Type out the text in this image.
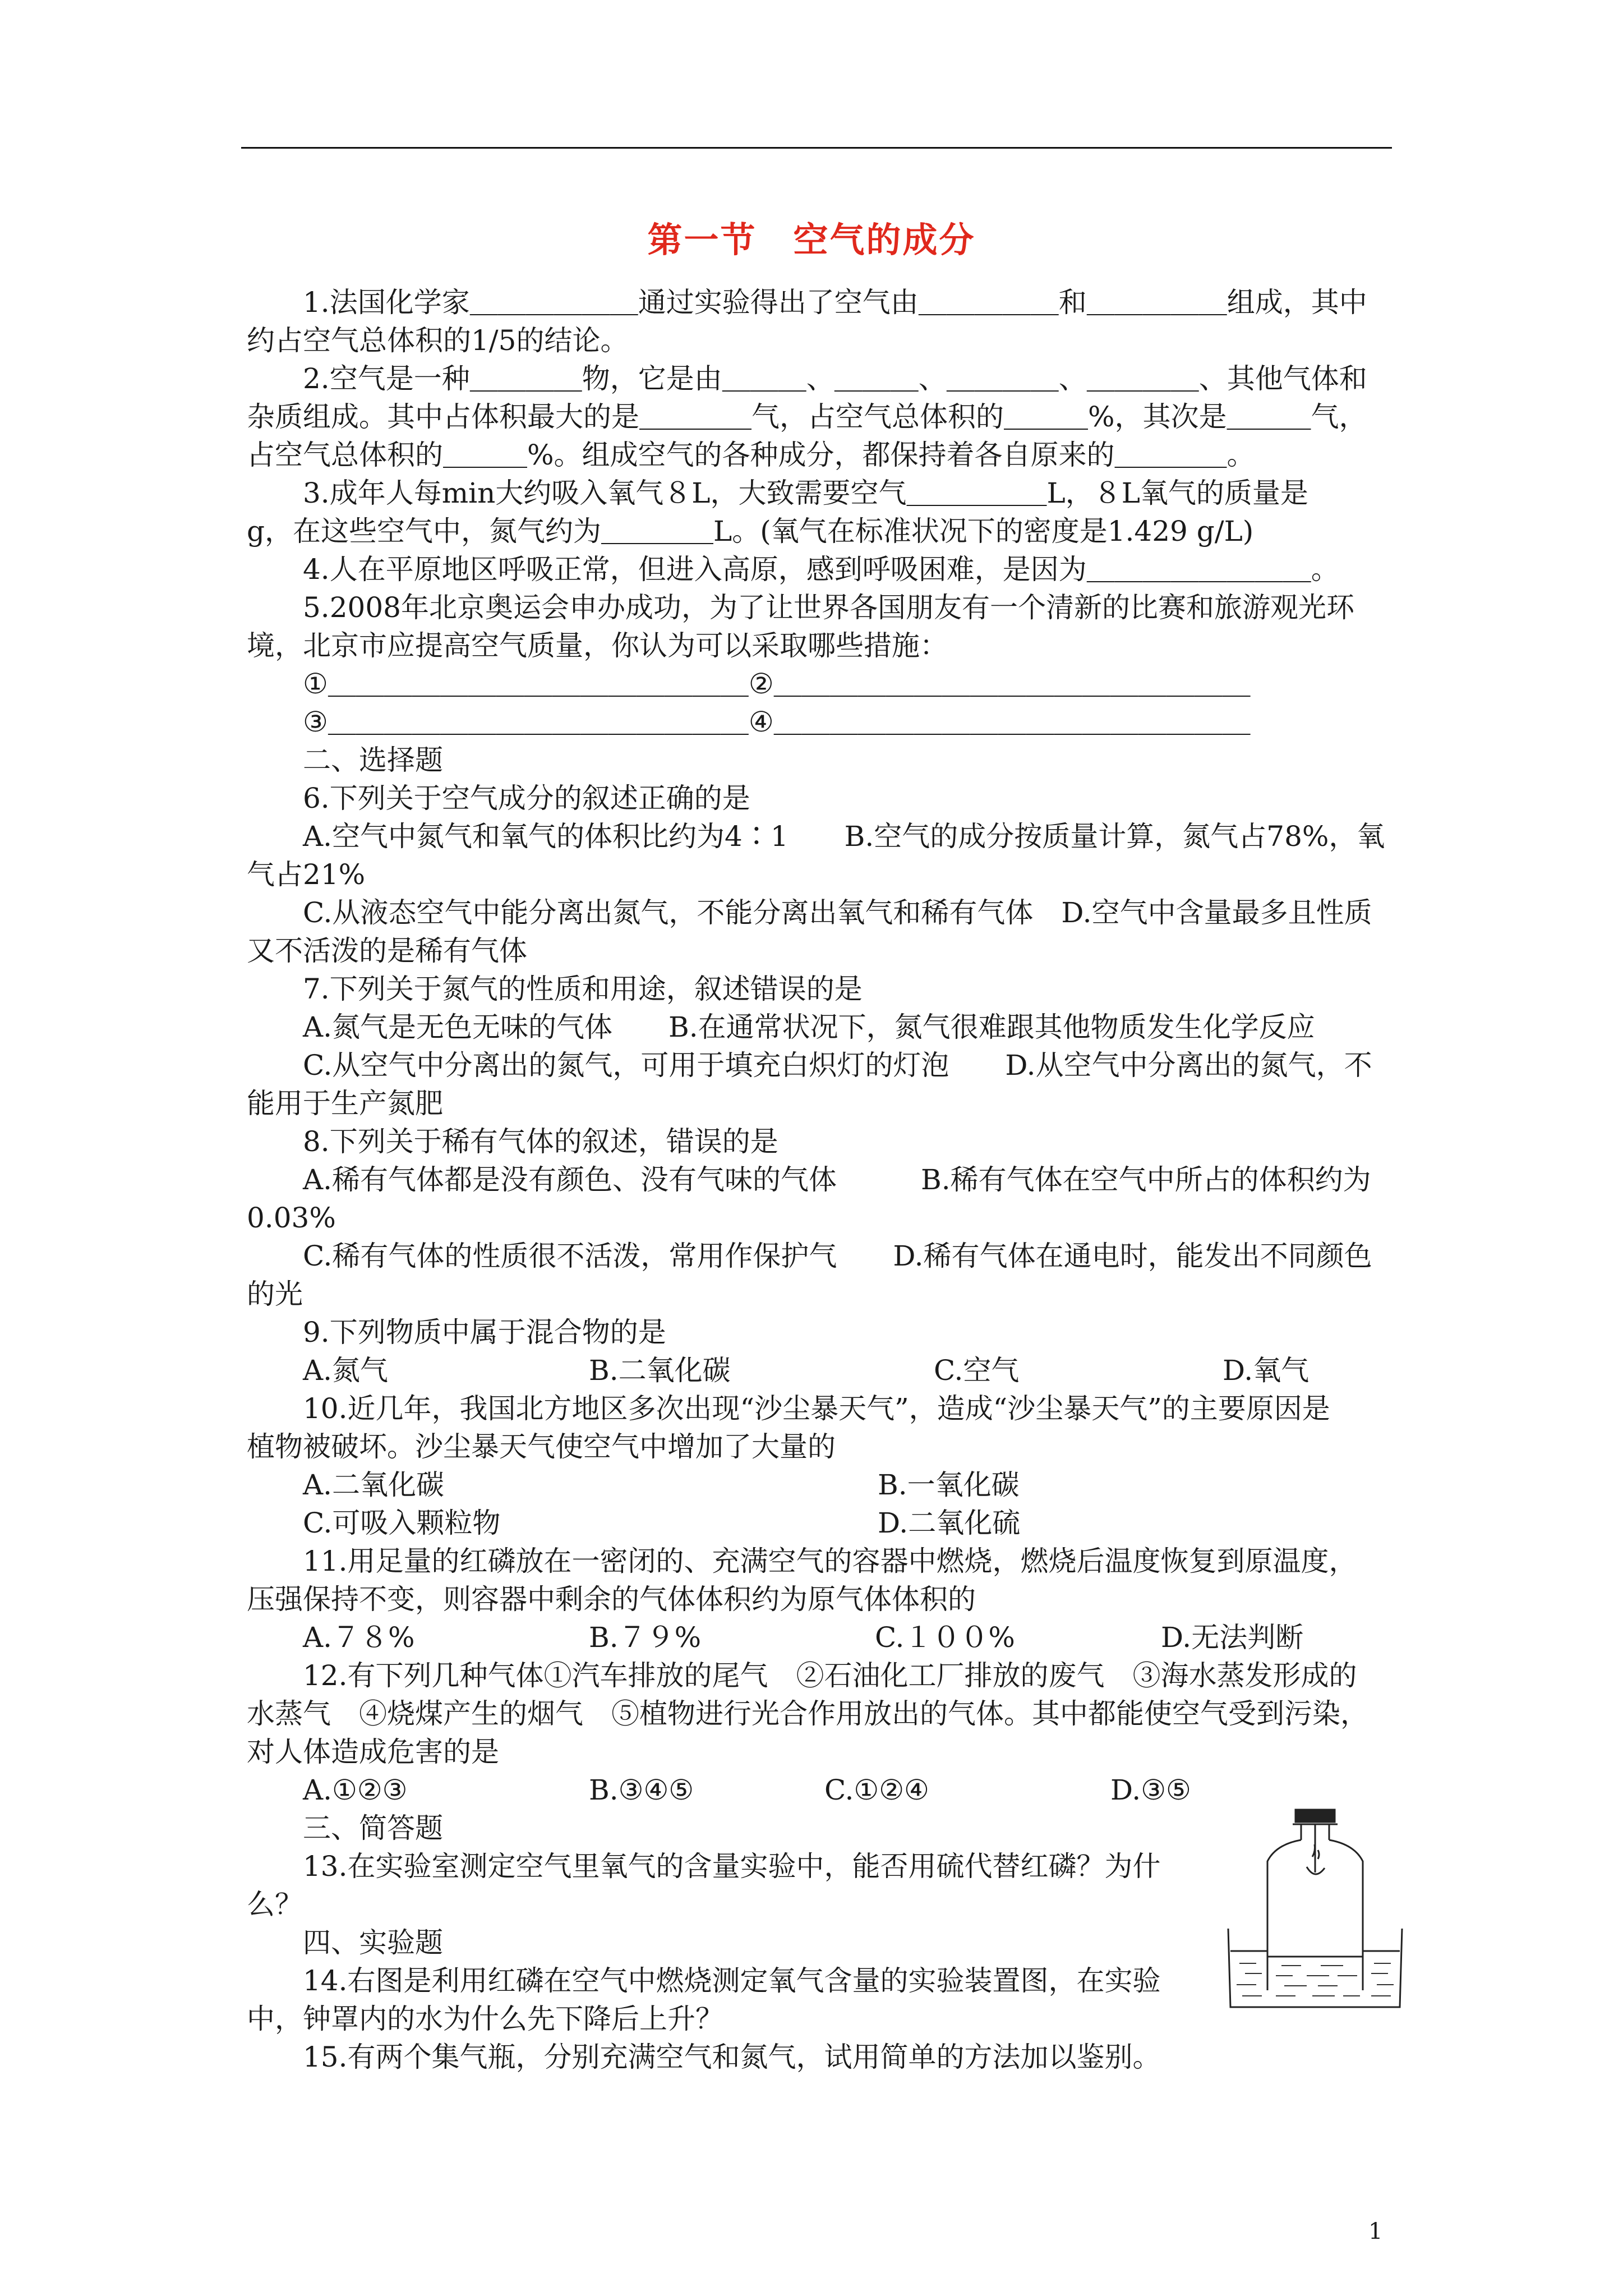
第一节　空气的成分
1.法国化学家＿＿＿＿＿＿通过实验得出了空气由＿＿＿＿＿和＿＿＿＿＿组成，其中
约占空气总体积的1/5的结论。
2.空气是一种＿＿＿＿物，它是由＿＿＿、＿＿＿、＿＿＿＿、＿＿＿＿、其他气体和
杂质组成。其中占体积最大的是＿＿＿＿气，占空气总体积的＿＿＿%，其次是＿＿＿气，
占空气总体积的＿＿＿%。组成空气的各种成分，都保持着各自原来的＿＿＿＿。
3.成年人每min大约吸入氧气８L，大致需要空气＿＿＿＿＿L，８L氧气的质量是
g，在这些空气中，氮气约为＿＿＿＿L。(氧气在标准状况下的密度是1.429 g/L)
4.人在平原地区呼吸正常，但进入高原，感到呼吸困难，是因为＿＿＿＿＿＿＿＿。
5.2008年北京奥运会申办成功，为了让世界各国朋友有一个清新的比赛和旅游观光环
境，北京市应提高空气质量，你认为可以采取哪些措施：
①＿＿＿＿＿＿＿＿＿＿＿＿＿＿＿②＿＿＿＿＿＿＿＿＿＿＿＿＿＿＿＿＿
③＿＿＿＿＿＿＿＿＿＿＿＿＿＿＿④＿＿＿＿＿＿＿＿＿＿＿＿＿＿＿＿＿
二、选择题
6.下列关于空气成分的叙述正确的是
A.空气中氮气和氧气的体积比约为4∶1　　B.空气的成分按质量计算，氮气占78%，氧
气占21%
C.从液态空气中能分离出氮气，不能分离出氧气和稀有气体　D.空气中含量最多且性质
又不活泼的是稀有气体
7.下列关于氮气的性质和用途，叙述错误的是
A.氮气是无色无味的气体　　B.在通常状况下，氮气很难跟其他物质发生化学反应
C.从空气中分离出的氮气，可用于填充白炽灯的灯泡　　D.从空气中分离出的氮气，不
能用于生产氮肥
8.下列关于稀有气体的叙述，错误的是
A.稀有气体都是没有颜色、没有气味的气体　　　B.稀有气体在空气中所占的体积约为
0.03%
C.稀有气体的性质很不活泼，常用作保护气　　D.稀有气体在通电时，能发出不同颜色
的光
9.下列物质中属于混合物的是
A.氮气	B.二氧化碳	C.空气	D.氧气
10.近几年，我国北方地区多次出现“沙尘暴天气”，造成“沙尘暴天气”的主要原因是
植物被破坏。沙尘暴天气使空气中增加了大量的
A.二氧化碳	B.一氧化碳
C.可吸入颗粒物	D.二氧化硫
11.用足量的红磷放在一密闭的、充满空气的容器中燃烧，燃烧后温度恢复到原温度，
压强保持不变，则容器中剩余的气体体积约为原气体体积的
A.７８%	B.７９%	C.１００%	D.无法判断
12.有下列几种气体①汽车排放的尾气　②石油化工厂排放的废气　③海水蒸发形成的
水蒸气　④烧煤产生的烟气　⑤植物进行光合作用放出的气体。其中都能使空气受到污染，
对人体造成危害的是
A.①②③	B.③④⑤	C.①②④	D.③⑤
三、简答题
13.在实验室测定空气里氧气的含量实验中，能否用硫代替红磷？为什
么？
四、实验题
14.右图是利用红磷在空气中燃烧测定氧气含量的实验装置图，在实验
中，钟罩内的水为什么先下降后上升？
15.有两个集气瓶，分别充满空气和氮气，试用简单的方法加以鉴别。
1
